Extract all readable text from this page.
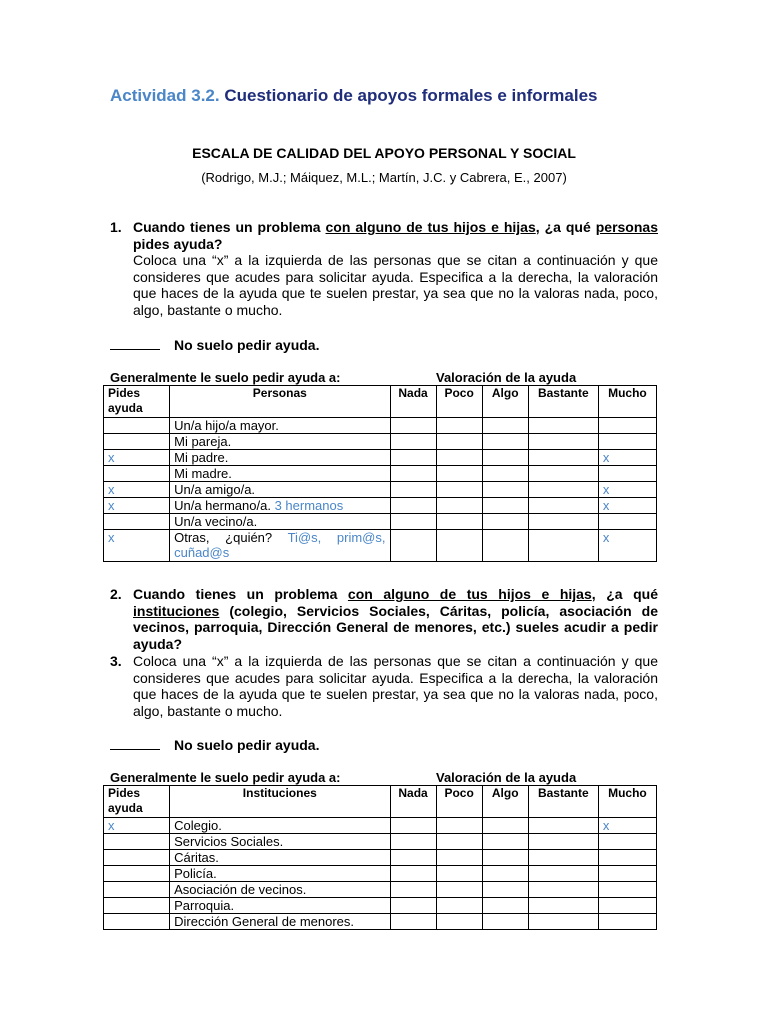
Actividad 3.2. Cuestionario de apoyos formales e informales
ESCALA DE CALIDAD DEL APOYO PERSONAL Y SOCIAL
(Rodrigo, M.J.; Máiquez, M.L.; Martín, J.C. y Cabrera, E., 2007)
1. Cuando tienes un problema con alguno de tus hijos e hijas, ¿a qué personas pides ayuda?
Coloca una “x” a la izquierda de las personas que se citan a continuación y que consideres que acudes para solicitar ayuda. Especifica a la derecha, la valoración que haces de la ayuda que te suelen prestar, ya sea que no la valoras nada, poco, algo, bastante o mucho.
No suelo pedir ayuda.
Generalmente le suelo pedir ayuda a:	Valoración de la ayuda
Pides ayuda	Personas	Nada	Poco	Algo	Bastante	Mucho
	Un/a hijo/a mayor.					
	Mi pareja.					
x	Mi padre.					x
	Mi madre.					
x	Un/a amigo/a.					x
x	Un/a hermano/a. 3 hermanos					x
	Un/a vecino/a.					
x	Otras, ¿quién? Ti@s, prim@s, cuñad@s					x
2. Cuando tienes un problema con alguno de tus hijos e hijas, ¿a qué instituciones (colegio, Servicios Sociales, Cáritas, policía, asociación de vecinos, parroquia, Dirección General de menores, etc.) sueles acudir a pedir ayuda?
3. Coloca una “x” a la izquierda de las personas que se citan a continuación y que consideres que acudes para solicitar ayuda. Especifica a la derecha, la valoración que haces de la ayuda que te suelen prestar, ya sea que no la valoras nada, poco, algo, bastante o mucho.
No suelo pedir ayuda.
Generalmente le suelo pedir ayuda a:	Valoración de la ayuda
Pides ayuda	Instituciones	Nada	Poco	Algo	Bastante	Mucho
x	Colegio.					x
	Servicios Sociales.					
	Cáritas.					
	Policía.					
	Asociación de vecinos.					
	Parroquia.					
	Dirección General de menores.					
